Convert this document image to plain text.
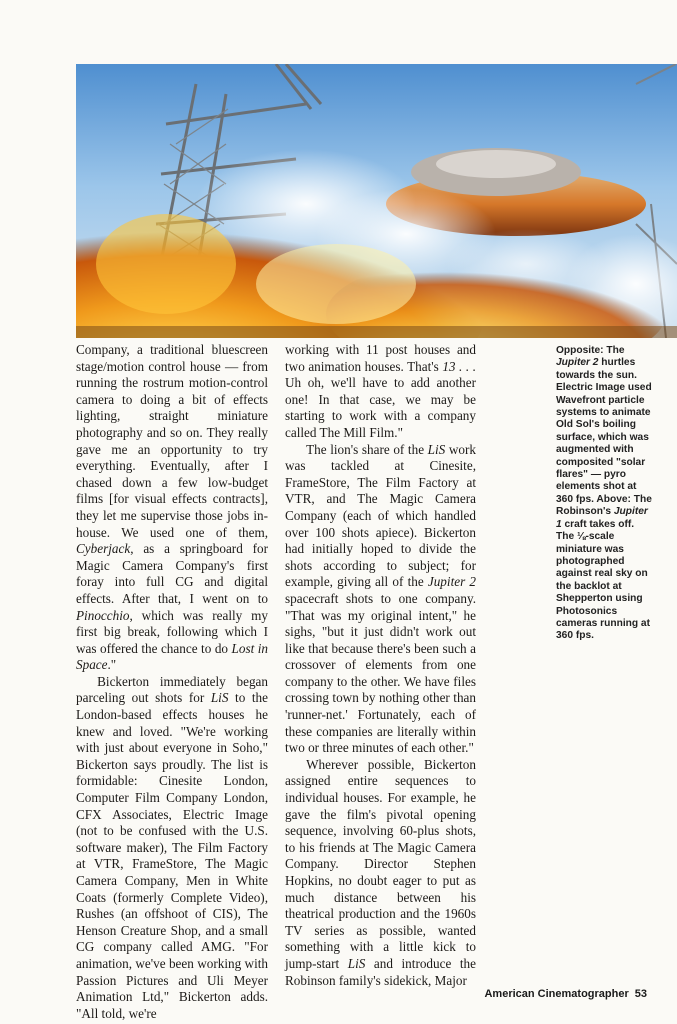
Company, a traditional bluescreen stage/motion control house — from running the rostrum motion-control camera to doing a bit of effects lighting, straight miniature photography and so on. They really gave me an opportunity to try everything. Eventually, after I chased down a few low-budget films [for visual effects contracts], they let me supervise those jobs in-house. We used one of them, Cyberjack, as a springboard for Magic Camera Company's first foray into full CG and digital effects. After that, I went on to Pinocchio, which was really my first big break, following which I was offered the chance to do Lost in Space."

Bickerton immediately began parceling out shots for LiS to the London-based effects houses he knew and loved. "We're working with just about everyone in Soho," Bickerton says proudly. The list is formidable: Cinesite London, Computer Film Company London, CFX Associates, Electric Image (not to be confused with the U.S. software maker), The Film Factory at VTR, FrameStore, The Magic Camera Company, Men in White Coats (formerly Complete Video), Rushes (an offshoot of CIS), The Henson Creature Shop, and a small CG company called AMG. "For animation, we've been working with Passion Pictures and Uli Meyer Animation Ltd," Bickerton adds. "All told, we're

working with 11 post houses and two animation houses. That's 13 . . . Uh oh, we'll have to add another one! In that case, we may be starting to work with a company called The Mill Film."

The lion's share of the LiS work was tackled at Cinesite, FrameStore, The Film Factory at VTR, and The Magic Camera Company (each of which handled over 100 shots apiece). Bickerton had initially hoped to divide the shots according to subject; for example, giving all of the Jupiter 2 spacecraft shots to one company. "That was my original intent," he sighs, "but it just didn't work out like that because there's been such a crossover of elements from one company to the other. We have files crossing town by nothing other than 'runner-net.' Fortunately, each of these companies are literally within two or three minutes of each other."

Wherever possible, Bickerton assigned entire sequences to individual houses. For example, he gave the film's pivotal opening sequence, involving 60-plus shots, to his friends at The Magic Camera Company. Director Stephen Hopkins, no doubt eager to put as much distance between his theatrical production and the 1960s TV series as possible, wanted something with a little kick to jump-start LiS and introduce the Robinson family's sidekick, Major

Opposite: The Jupiter 2 hurtles towards the sun. Electric Image used Wavefront particle systems to animate Old Sol's boiling surface, which was augmented with composited "solar flares" — pyro elements shot at 360 fps. Above: The Robinson's Jupiter 1 craft takes off. The ⅛-scale miniature was photographed against real sky on the backlot at Shepperton using Photosonics cameras running at 360 fps.

American Cinematographer 53
